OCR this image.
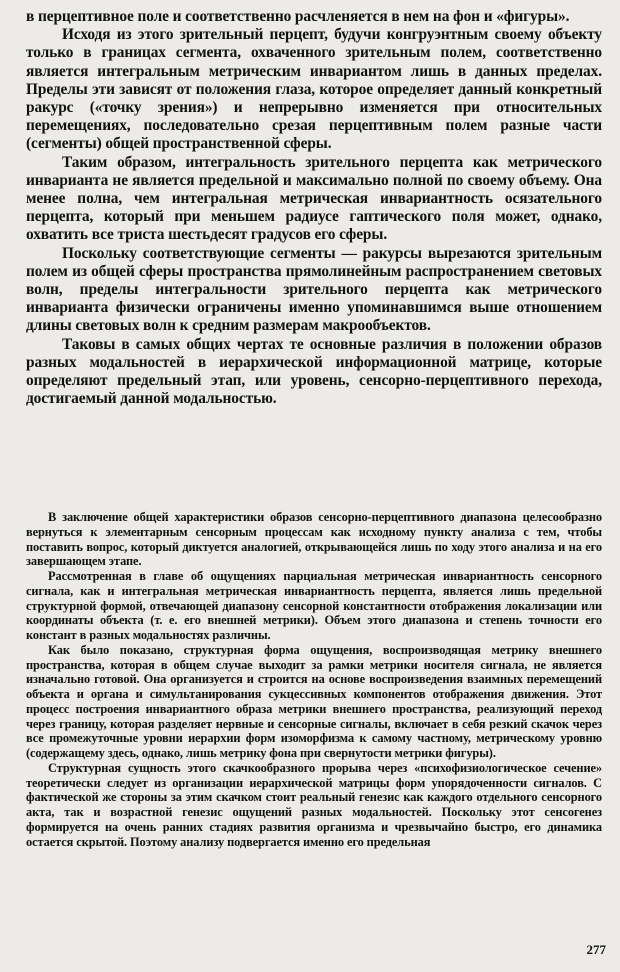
в перцептивное поле и соответственно расчленяется в нем на фон и «фигуры».

Исходя из этого зрительный перцепт, будучи конгруэнтным своему объекту только в границах сегмента, охваченного зрительным полем, соответственно является интегральным метрическим инвариантом лишь в данных пределах. Пределы эти зависят от положения глаза, которое определяет данный конкретный ракурс («точку зрения») и непрерывно изменяется при относительных перемещениях, последовательно срезая перцептивным полем разные части (сегменты) общей пространственной сферы.

Таким образом, интегральность зрительного перцепта как метрического инварианта не является предельной и максимально полной по своему объему. Она менее полна, чем интегральная метричеcкая инвариантность осязательного перцепта, который при меньшем радиусе гаптического поля может, однако, охватить все триста шестьдесят градусов его сферы.

Поскольку соответствующие сегменты — ракурсы вырезаются зрительным полем из общей сферы пространства прямолинейным распространением световых волн, пределы интегральности зрительного перцепта как метрического инварианта физически ограничены именно упоминавшимся выше отношением длины световых волн к средним размерам макрообъектов.

Таковы в самых общих чертах те основные различия в положении образов разных модальностей в иерархической информационной матрице, которые определяют предельный этап, или уровень, сенсорно-перцептивного перехода, достигаемый данной модальностью.

В заключение общей характеристики образов сенсорно-перцептивного диапазона целесообразно вернуться к элементарным сенсорным процессам как исходному пункту анализа с тем, чтобы поставить вопрос, который диктуется аналогией, открывающейся лишь по ходу этого анализа и на его завершающем этапе.

Рассмотренная в главе об ощущениях парциальная метрическая инвариантность сенсорного сигнала, как и интегральная метрическая инвариантность перцепта, является лишь предельной структурной формой, отвечающей диапазону сенсорной константности отображения локализации или координаты объекта (т. е. его внешней метрики). Объем этого диапазона и степень точности его констант в разных модальностях различны.

Как было показано, структурная форма ощущения, воспроизводящая метрику внешнего пространства, которая в общем случае выходит за рамки метрики носителя сигнала, не является изначально готовой. Она организуется и строится на основе воспроизведения взаимных перемещений объекта и органа и симультанирования сукцессивных компонентов отображения движения. Этот процесс построения инвариантного образа метрики внешнего пространства, реализующий переход через границу, которая разделяет нервные и сенсорные сигналы, включает в себя резкий скачок через все промежуточные уровни иерархии форм изоморфизма к самому частному, метрическому уровню (содержащему здесь, однако, лишь метрику фона при свернутости метрики фигуры).

Структурная сущность этого скачкообразного прорыва через «психофизиологическое сечение» теоретически следует из организации иерархической матрицы форм упорядоченности сигналов. С фактической же стороны за этим скачком стоит реальный генезис как каждого отдельного сенсорного акта, так и возрастной генезис ощущений разных модальностей. Поскольку этот сенсогенез формируется на очень ранних стадиях развития организма и чрезвычайно быстро, его динамика остается скрытой. Поэтому анализу подвергается именно его предельная

277
